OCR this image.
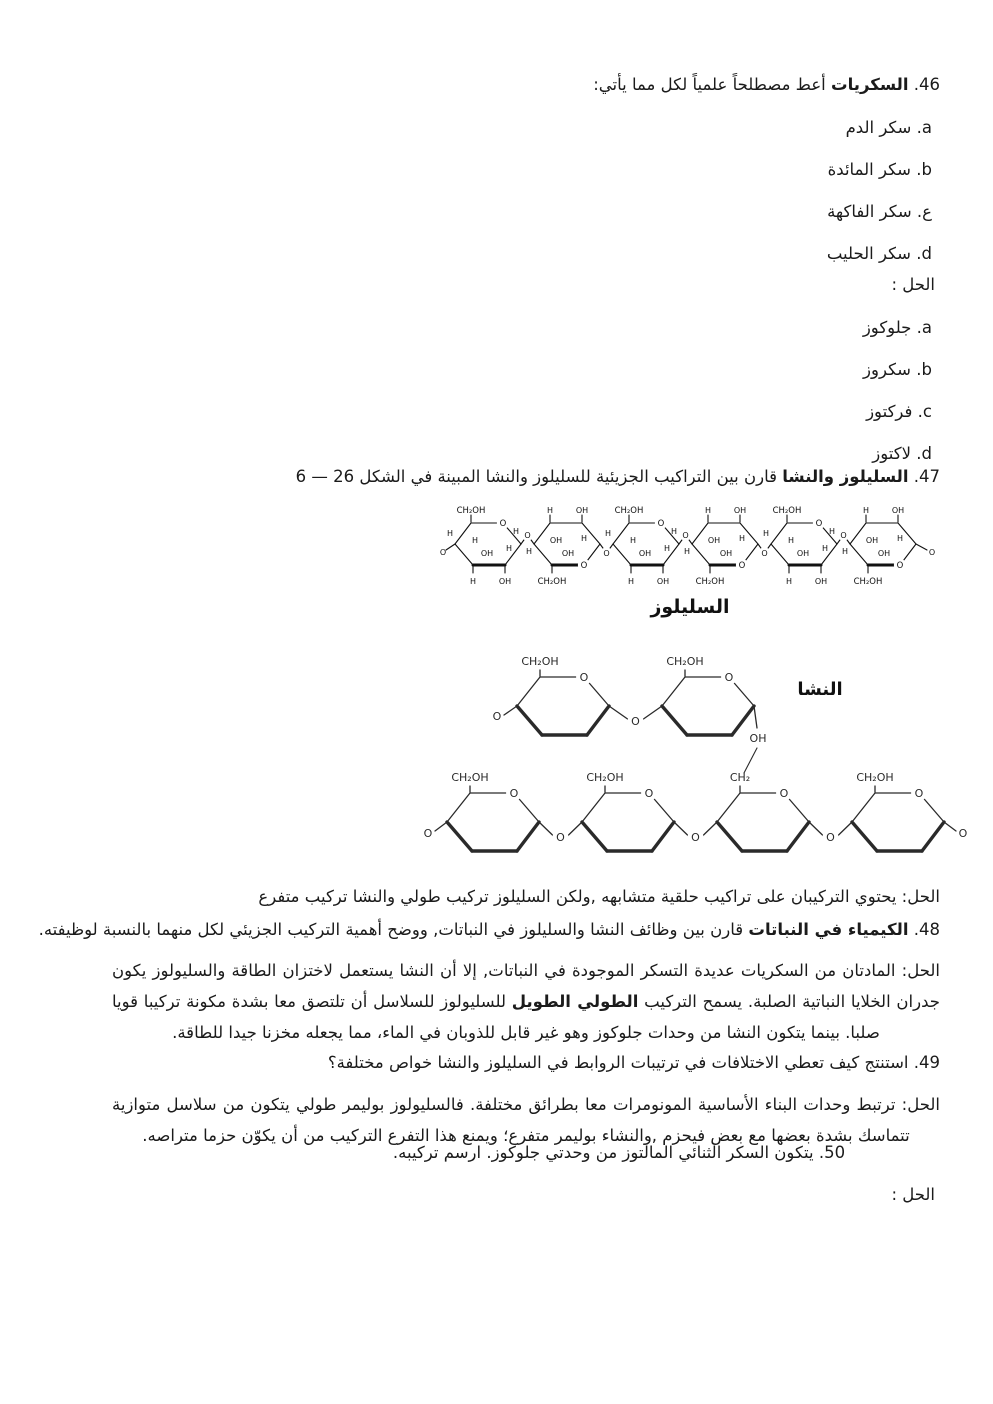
46. السكريات أعط مصطلحاً علمياً لكل مما يأتي:

a. سكر الدم

b. سكر المائدة

ع. سكر الفاكهة

d. سكر الحليب

الحل :

a. جلوكوز

b. سكروز

c. فركتوز

d. لاكتوز

47. السليلوز والنشا قارن بين التراكيب الجزيئية للسليلوز والنشا المبينة في الشكل 26 — 6

O
CH₂OH
H
H
OH
H
H
H	OH
O
O
H	OH
OH H
OH
H
CH₂OH
O
O
CH₂OH
H
H
OH
H
H
H	OH
O
O
H	OH
OH H
OH
H
CH₂OH
O
O
CH₂OH
H
H
OH
H
H
H	OH
O
O
H	OH
OH H
OH
H
CH₂OH
O	O
السليلوز
O
CH₂OH
O
CH₂OH
O
O
OH
O
CH₂OH
O
O
CH₂OH
O
O
CH₂
O
O
CH₂OH
O	O
النشا

الحل: يحتوي التركيبان على تراكيب حلقية متشابهه ,ولكن السليلوز تركيب طولي والنشا تركيب متفرع

48. الكيمياء في النباتات قارن بين وظائف النشا والسليلوز في النباتات, ووضح أهمية التركيب الجزيئي لكل منهما بالنسبة لوظيفته.

الحل: المادتان من السكريات عديدة التسكر الموجودة في النباتات, إلا أن النشا يستعمل لاختزان الطاقة والسليولوز يكون جدران الخلايا النباتية الصلبة. يسمح التركيب الطولي الطويل للسليولوز للسلاسل أن تلتصق معا بشدة مكونة تركيبا قويا صلبا. بينما يتكون النشا من وحدات جلوكوز وهو غير قابل للذوبان في الماء، مما يجعله مخزنا جيدا للطاقة.

49. استنتج كيف تعطي الاختلافات في ترتيبات الروابط في السليلوز والنشا خواص مختلفة؟

الحل: ترتبط وحدات البناء الأساسية المونومرات معا بطرائق مختلفة. فالسليولوز بوليمر طولي يتكون من سلاسل متوازية تتماسك بشدة بعضها مع بعض فيحزم ,والنشاء بوليمر متفرع؛ ويمنع هذا التفرع التركيب من أن يكوّن حزما متراصه.

50. يتكون السكر الثنائي المالتوز من وحدتي جلوكوز. ارسم تركيبه.

الحل :
